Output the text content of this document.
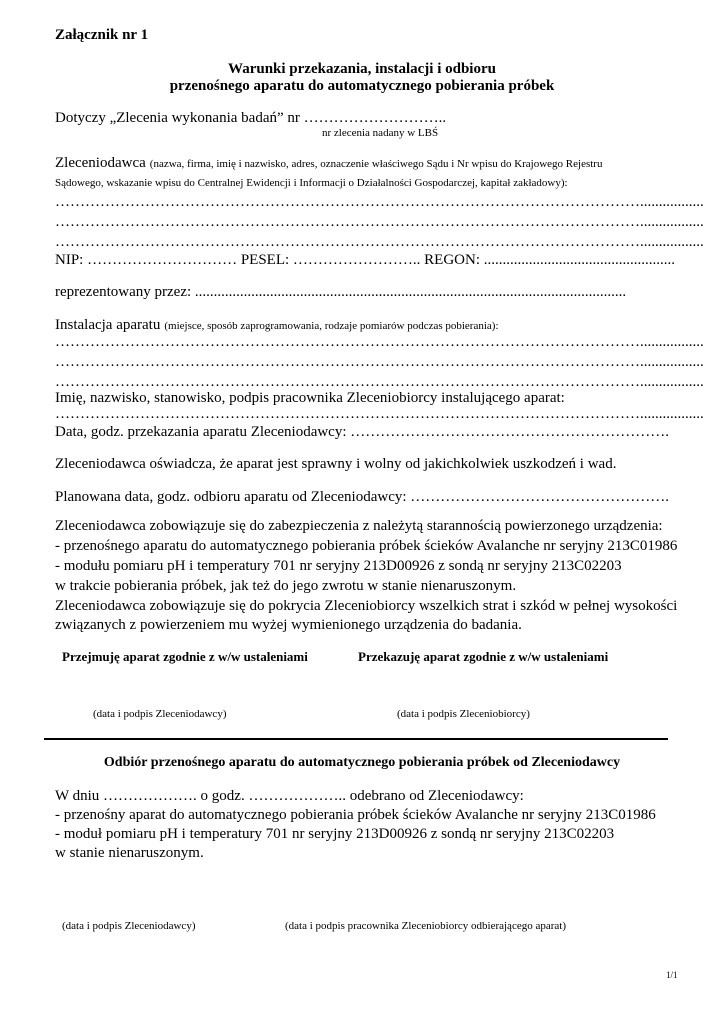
Załącznik nr 1
Warunki przekazania, instalacji i odbioru
przenośnego aparatu do automatycznego pobierania próbek
Dotyczy „Zlecenia wykonania badań” nr ………………………..
nr zlecenia nadany w LBŚ
Zleceniodawca (nazwa, firma, imię i nazwisko, adres, oznaczenie właściwego Sądu i Nr wpisu do Krajowego Rejestru
Sądowego, wskazanie wpisu do Centralnej Ewidencji i Informacji o Działalności Gospodarczej, kapitał zakładowy):
……………………………………………………………………………………………………….................
……………………………………………………………………………………………………….................
……………………………………………………………………………………………………….................
NIP: ………………………… PESEL: …………………….. REGON: ...................................................
reprezentowany przez: ...................................................................................................................
Instalacja aparatu (miejsce, sposób zaprogramowania, rodzaje pomiarów podczas pobierania):
……………………………………………………………………………………………………….................
……………………………………………………………………………………………………….................
……………………………………………………………………………………………………….................
Imię, nazwisko, stanowisko, podpis pracownika Zleceniobiorcy instalującego aparat:
……………………………………………………………………………………………………….................
Data, godz. przekazania aparatu Zleceniodawcy: ……………………………………………………….
Zleceniodawca oświadcza, że aparat jest sprawny i wolny od jakichkolwiek uszkodzeń i wad.
Planowana data, godz. odbioru aparatu od Zleceniodawcy: …………………………………………….
Zleceniodawca zobowiązuje się do zabezpieczenia z należytą starannością powierzonego urządzenia:
- przenośnego aparatu do automatycznego pobierania próbek ścieków Avalanche nr seryjny 213C01986
- modułu pomiaru pH i temperatury 701 nr seryjny 213D00926 z sondą nr seryjny 213C02203
w trakcie pobierania próbek, jak też do jego zwrotu w stanie nienaruszonym.
Zleceniodawca zobowiązuje się do pokrycia Zleceniobiorcy wszelkich strat i szkód w pełnej wysokości
związanych z powierzeniem mu wyżej wymienionego urządzenia do badania.
Przejmuję aparat zgodnie z w/w ustaleniami	Przekazuję aparat zgodnie z w/w ustaleniami
(data i podpis Zleceniodawcy)	(data i podpis Zleceniobiorcy)
Odbiór przenośnego aparatu do automatycznego pobierania próbek od Zleceniodawcy
W dniu ………………. o godz. ……………….. odebrano od Zleceniodawcy:
- przenośny aparat do automatycznego pobierania próbek ścieków Avalanche nr seryjny 213C01986
- moduł pomiaru pH i temperatury 701 nr seryjny 213D00926 z sondą nr seryjny 213C02203
w stanie nienaruszonym.
(data i podpis Zleceniodawcy)	(data i podpis pracownika Zleceniobiorcy odbierającego aparat)
1/1
